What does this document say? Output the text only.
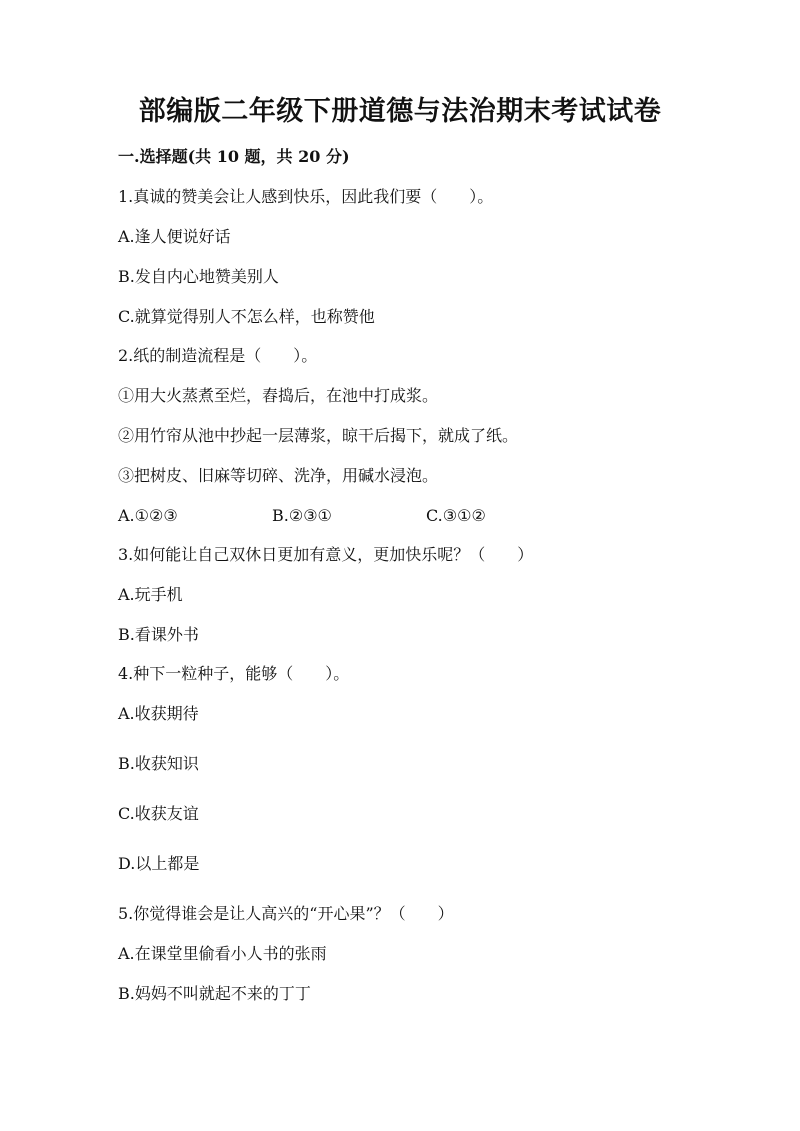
部编版二年级下册道德与法治期末考试试卷
一.选择题(共 10 题，共 20 分)
1.真诚的赞美会让人感到快乐，因此我们要（　　）。
A.逢人便说好话
B.发自内心地赞美别人
C.就算觉得别人不怎么样，也称赞他
2.纸的制造流程是（　　）。
①用大火蒸煮至烂，舂捣后，在池中打成浆。
②用竹帘从池中抄起一层薄浆，晾干后揭下，就成了纸。
③把树皮、旧麻等切碎、洗净，用碱水浸泡。
A.①②③	B.②③①	C.③①②
3.如何能让自己双休日更加有意义，更加快乐呢？（　　）
A.玩手机
B.看课外书
4.种下一粒种子，能够（　　）。
A.收获期待
B.收获知识
C.收获友谊
D.以上都是
5.你觉得谁会是让人高兴的“开心果”？（　　）
A.在课堂里偷看小人书的张雨
B.妈妈不叫就起不来的丁丁
